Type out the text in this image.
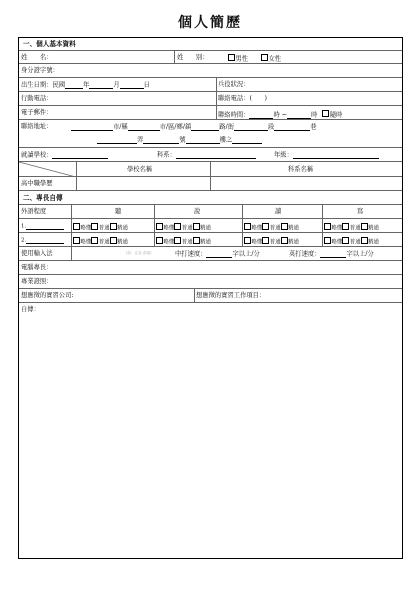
個人簡歷
一、個人基本資料
姓　　名：	姓　　別：	男性	女性
身分證字號：
出生日期：民國	年	月	日	兵役狀況：
行動電話：	聯絡電話：(　　)
電子郵件：	聯絡時間：	時 ~	時 隨時
聯絡地址：	市/縣	市/區/鄉/鎮	路/街	段	巷
弄	號	樓之
就讀學校：	科系：	年級：
學校名稱	科系名稱
高中職學歷
二、專長自傳
外語程度	聽	說	讀	寫
1.	略懂 普通 精通	略懂 普通 精通	略懂 普通 精通	略懂 普通 精通
2.	略懂 普通 精通	略懂 普通 精通	略懂 普通 精通	略懂 普通 精通
使用輸入法	(如：注音,倉頡)	中打速度：	字以上/分	英打速度：	字以上/分
電腦專長：
專業證照：
想應徵的實習公司:	想應徵的實習工作項目：
自傳：
